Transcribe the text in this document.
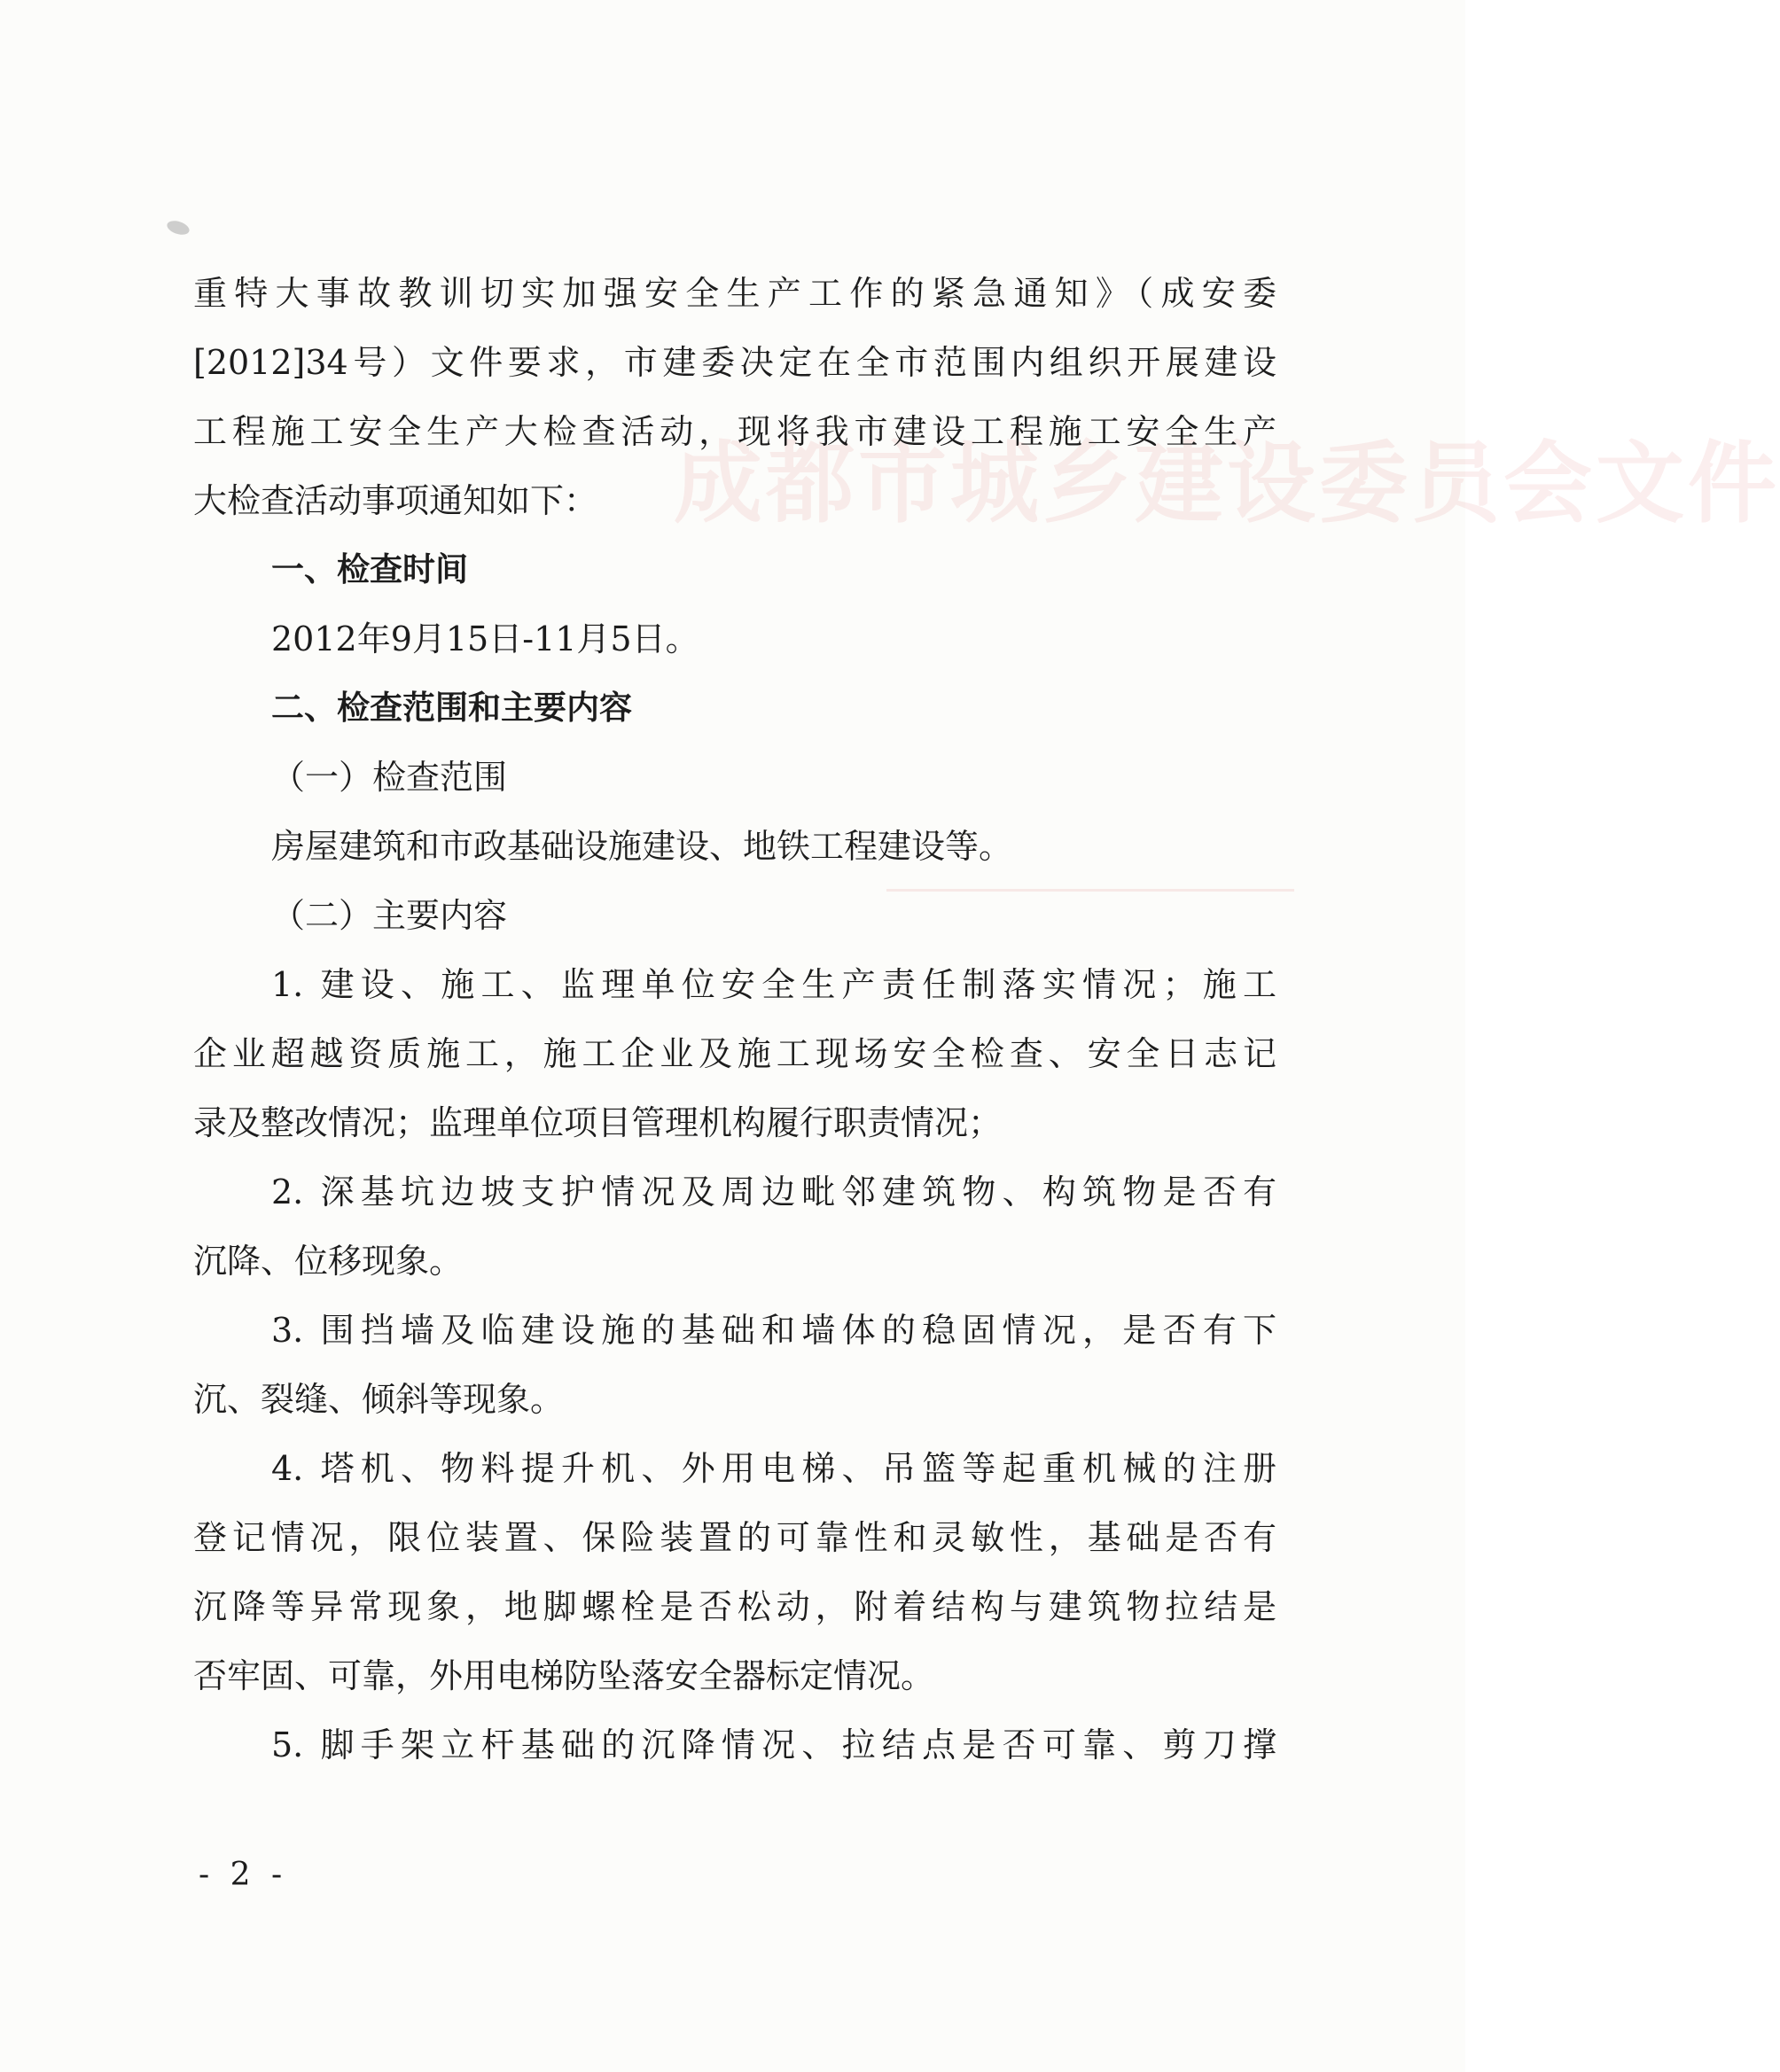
成都市城乡建设委员会文件
重特大事故教训切实加强安全生产工作的紧急通知》（成安委
[2012]34号）文件要求，市建委决定在全市范围内组织开展建设
工程施工安全生产大检查活动，现将我市建设工程施工安全生产
大检查活动事项通知如下：
一、检查时间
2012年9月15日-11月5日。
二、检查范围和主要内容
（一）检查范围
房屋建筑和市政基础设施建设、地铁工程建设等。
（二）主要内容
1. 建设、施工、监理单位安全生产责任制落实情况；施工
企业超越资质施工，施工企业及施工现场安全检查、安全日志记
录及整改情况；监理单位项目管理机构履行职责情况；
2. 深基坑边坡支护情况及周边毗邻建筑物、构筑物是否有
沉降、位移现象。
3. 围挡墙及临建设施的基础和墙体的稳固情况，是否有下
沉、裂缝、倾斜等现象。
4. 塔机、物料提升机、外用电梯、吊篮等起重机械的注册
登记情况，限位装置、保险装置的可靠性和灵敏性，基础是否有
沉降等异常现象，地脚螺栓是否松动，附着结构与建筑物拉结是
否牢固、可靠，外用电梯防坠落安全器标定情况。
5. 脚手架立杆基础的沉降情况、拉结点是否可靠、剪刀撑
- 2 -
